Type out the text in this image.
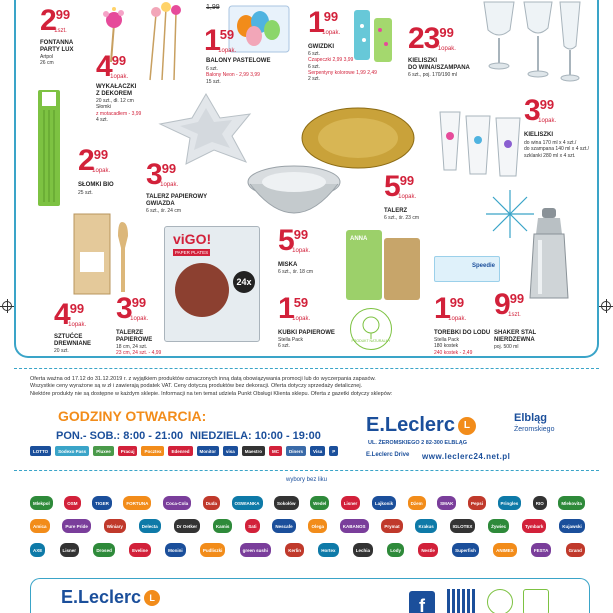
299
1szt.
FONTANNA
PARTY LUX
Artpol
26 cm 499
1opak.
WYKAŁACZKI
Z DEKOREM
20 szt., dł. 12 cm
Słomki
z motacadłem - 3,99
4 szt.
1,99
159
1opak.
BALONY PASTELOWE
6 szt.
Balony Neon - 2,99 3,99
15 szt.
199
1opak.
GWIZDKI
6 szt.
Czapeczki 2,99 3,99
6 szt.
Serpentyny kolorowe 1,99 2,49
2 szt.
2399
1opak.
KIELISZKI
DO WINA/SZAMPANA
6 szt., poj. 170/190 ml
299
1opak.
SŁOMKI BIO
25 szt.
399
1opak.
TALERZ PAPIEROWY
GWIAZDA
6 szt., śr. 24 cm
599
1opak.
TALERZ
6 szt., śr. 23 cm
399
1opak.
KIELISZKI
do wina 170 ml x 4 szt./
do szampana 140 ml x 4 szt./
szklanki 280 ml x 4 szt.
499
1opak.
SZTUĆCE
DREWNIANE
20 szt.
399
1opak.
TALERZE
PAPIEROWE
18 cm, 24 szt.
23 cm, 24 szt. - 4,99
viGO!
PAPER PLATES
24x
599
1opak.
MISKA
6 szt., śr. 18 cm
159
1opak.
KUBKI PAPIEROWE
Stella Pack
6 szt.
ANNA
PRODUKT NATURALNY
Speedie
199
1opak.
TOREBKI DO LODU
Stella Pack
180 kostek
240 kostek - 2,49
999
1szt.
SHAKER STAL
NIERDZEWNA
poj. 500 ml
Oferta ważna od 17.12 do 31.12.2019 r. z wyjątkiem produktów oznaczonych inną datą obowiązywania promocji lub do wyczerpania zapasów.
Wszystkie ceny wyrażone są w zł i zawierają podatek VAT. Ceny dotyczą produktów bez dekoracji. Oferta dotyczy sprzedaży detalicznej.
Niektóre produkty nie są dostępne w każdym sklepie. Informacji na ten temat udziela Punkt Obsługi Klienta sklepu. Oferta z gazetki dotyczy sklepów:
GODZINY OTWARCIA:
PON.- SOB.: 8:00 - 21:00 NIEDZIELA: 10:00 - 19:00
LOTTO	Sodexo Pass	Pluxee	Pracuj	Pocztex	Edenred	Monitor	visa	Maestro	MC	Diners	Visa	P
E.Leclerc L
Elbląg
Żeromskiego
UL. ŻEROMSKIEGO 2 82-300 ELBLĄG
E.Leclerc Drive www.leclerc24.net.pl
wybory bez liku
Mlekpol	OSM	TIGER	FORTUNA	Coca-Cola	Duda	OSWIANKA	Sokołów	Wedel	Lisner	Lajkonik	Dżem	SMAK	Pepsi	Pringles	RIO	Mlekovita
Amica	Pure Pride	Winiary	Delecta	Dr Oetker	Kamis	Sati	Nescafe	Olega	KABANOS	Prymat	Krakus	IGLOTEX	Żywiec	Tymbark	Kujawski
AXE	Lisner	Drosed	Eveline	Monini	Pudliszki	green sushi	Kerlin	Hortex	Lechia	Lody	Nestle	Superfish	ANIMEX	FESTA	Grand
E.Leclerc L	f
